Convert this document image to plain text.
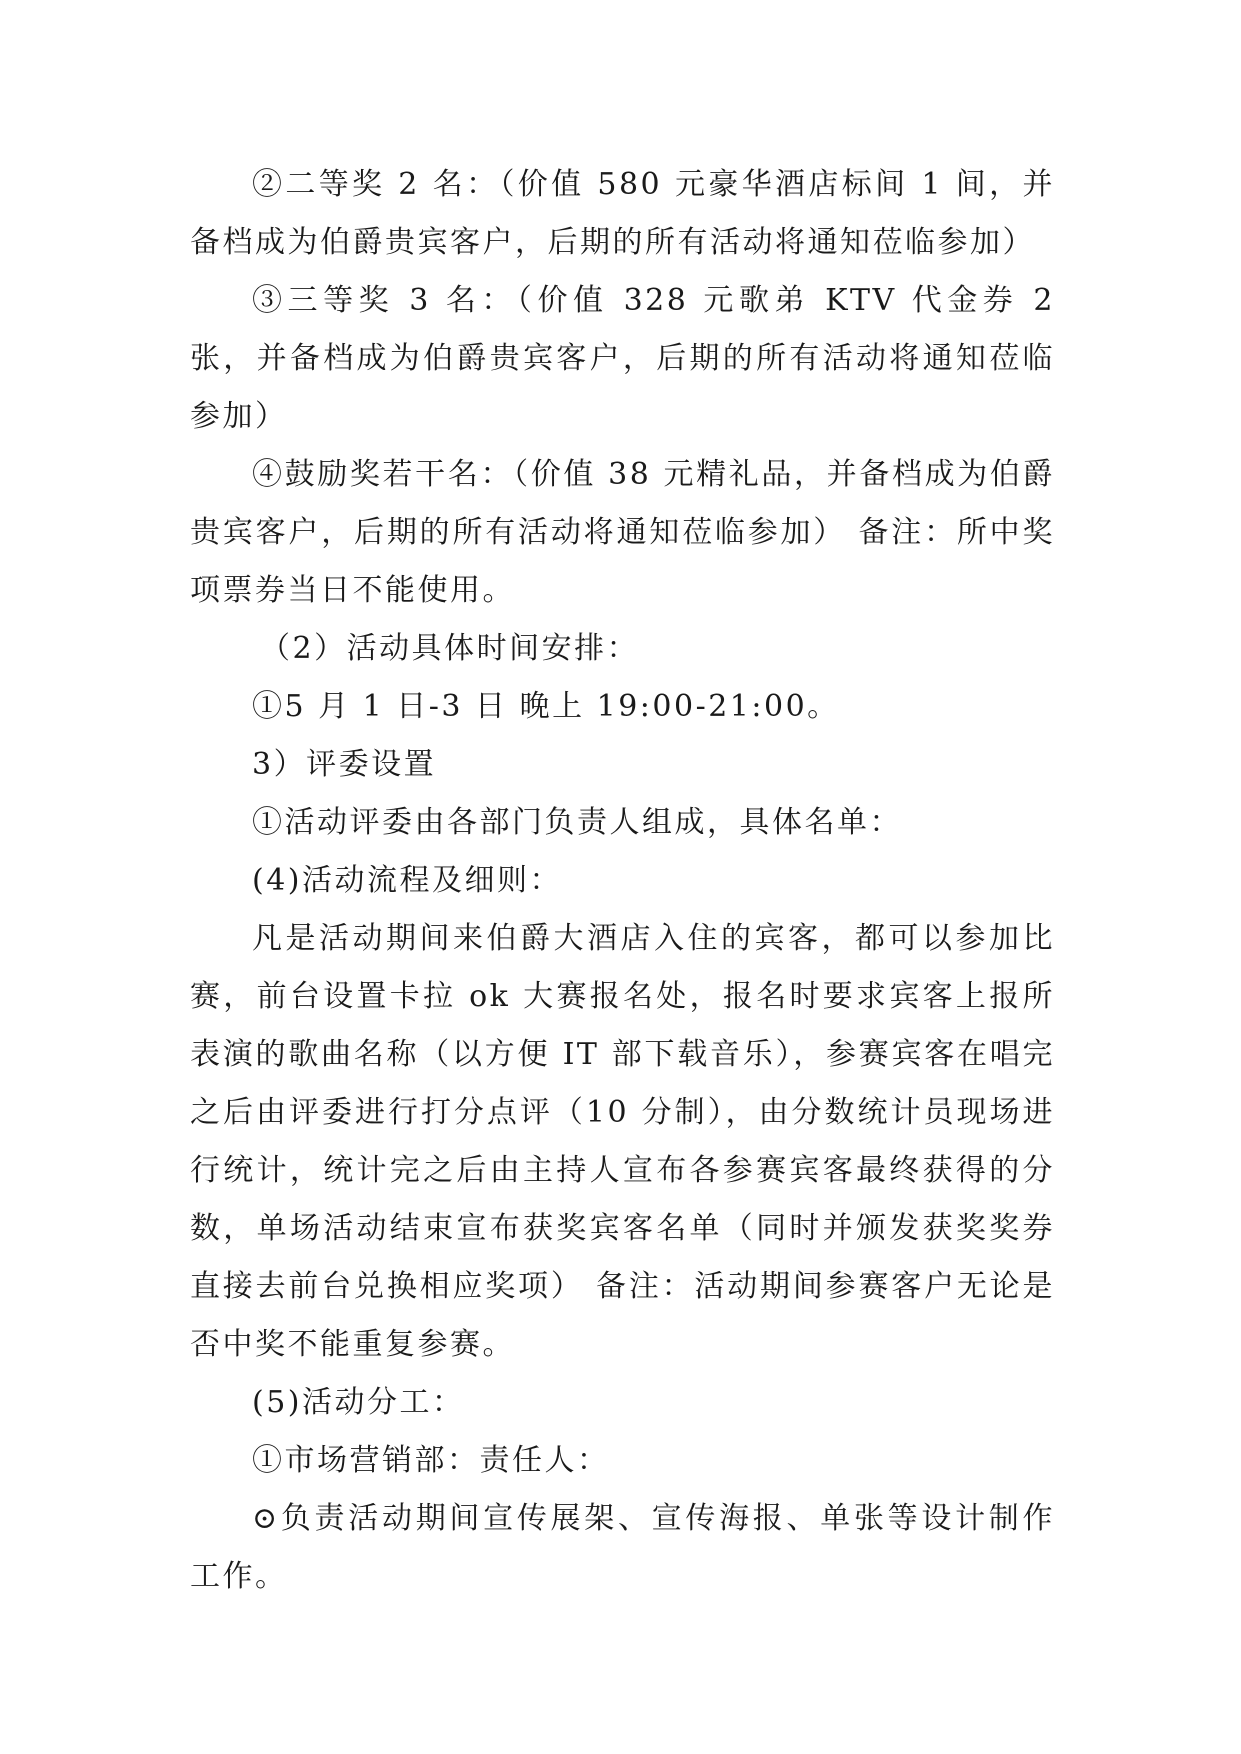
②二等奖 2 名：（价值 580 元豪华酒店标间 1 间，并备档成为伯爵贵宾客户，后期的所有活动将通知莅临参加）

③三等奖 3 名：（价值 328 元歌弟 KTV 代金券 2 张，并备档成为伯爵贵宾客户，后期的所有活动将通知莅临参加）

④鼓励奖若干名：（价值 38 元精礼品，并备档成为伯爵贵宾客户，后期的所有活动将通知莅临参加） 备注：所中奖项票券当日不能使用。

（2）活动具体时间安排：

①5 月 1 日-3 日 晚上 19:00-21:00。

3）评委设置

①活动评委由各部门负责人组成，具体名单：

(4)活动流程及细则：

凡是活动期间来伯爵大酒店入住的宾客，都可以参加比赛，前台设置卡拉 ok 大赛报名处，报名时要求宾客上报所表演的歌曲名称（以方便 IT 部下载音乐），参赛宾客在唱完之后由评委进行打分点评（10 分制），由分数统计员现场进行统计，统计完之后由主持人宣布各参赛宾客最终获得的分数，单场活动结束宣布获奖宾客名单（同时并颁发获奖奖券直接去前台兑换相应奖项） 备注：活动期间参赛客户无论是否中奖不能重复参赛。

(5)活动分工：

①市场营销部：责任人：

⊙负责活动期间宣传展架、宣传海报、单张等设计制作工作。
